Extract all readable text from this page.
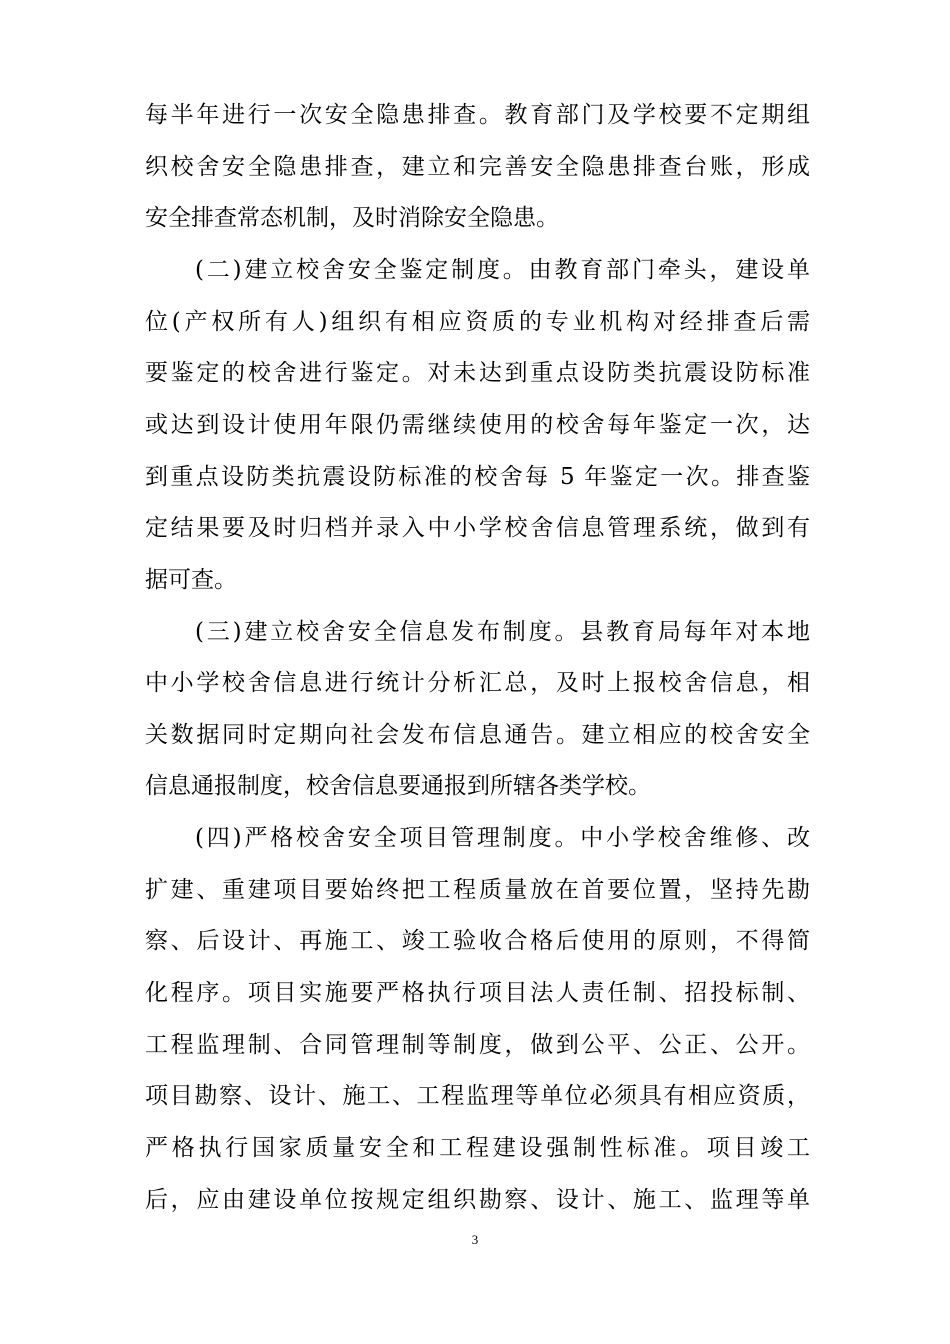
每半年进行一次安全隐患排查。教育部门及学校要不定期组
织校舍安全隐患排查，建立和完善安全隐患排查台账，形成
安全排查常态机制，及时消除安全隐患。
(二)建立校舍安全鉴定制度。由教育部门牵头，建设单
位(产权所有人)组织有相应资质的专业机构对经排查后需
要鉴定的校舍进行鉴定。对未达到重点设防类抗震设防标准
或达到设计使用年限仍需继续使用的校舍每年鉴定一次，达
到重点设防类抗震设防标准的校舍每 5 年鉴定一次。排查鉴
定结果要及时归档并录入中小学校舍信息管理系统，做到有
据可查。
(三)建立校舍安全信息发布制度。县教育局每年对本地
中小学校舍信息进行统计分析汇总，及时上报校舍信息，相
关数据同时定期向社会发布信息通告。建立相应的校舍安全
信息通报制度，校舍信息要通报到所辖各类学校。
(四)严格校舍安全项目管理制度。中小学校舍维修、改
扩建、重建项目要始终把工程质量放在首要位置，坚持先勘
察、后设计、再施工、竣工验收合格后使用的原则，不得简
化程序。项目实施要严格执行项目法人责任制、招投标制、
工程监理制、合同管理制等制度，做到公平、公正、公开。
项目勘察、设计、施工、工程监理等单位必须具有相应资质，
严格执行国家质量安全和工程建设强制性标准。项目竣工
后，应由建设单位按规定组织勘察、设计、施工、监理等单
3
